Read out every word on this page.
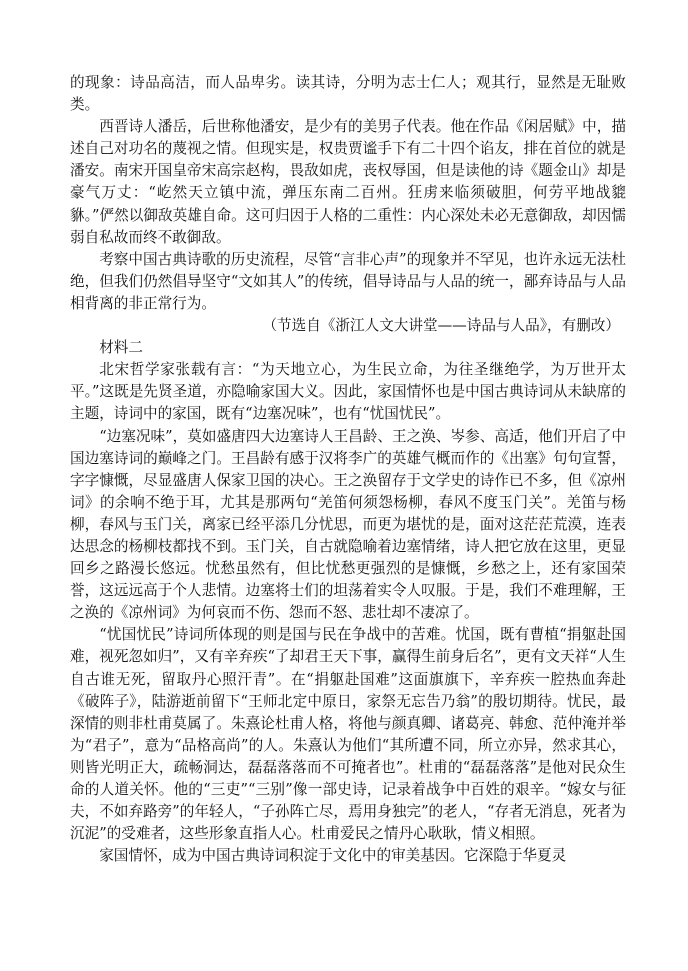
的现象：诗品高洁，而人品卑劣。读其诗，分明为志士仁人；观其行，显然是无耻败类。

西晋诗人潘岳，后世称他潘安，是少有的美男子代表。他在作品《闲居赋》中，描述自己对功名的蔑视之情。但现实是，权贵贾谧手下有二十四个谄友，排在首位的就是潘安。南宋开国皇帝宋高宗赵构，畏敌如虎，丧权辱国，但是读他的诗《题金山》却是豪气万丈：“屹然天立镇中流，弹压东南二百州。狂虏来临须破胆，何劳平地战貔貅。”俨然以御敌英雄自命。这可归因于人格的二重性：内心深处未必无意御敌，却因懦弱自私故而终不敢御敌。

考察中国古典诗歌的历史流程，尽管“言非心声”的现象并不罕见，也许永远无法杜绝，但我们仍然倡导坚守“文如其人”的传统，倡导诗品与人品的统一，鄙弃诗品与人品相背离的非正常行为。

（节选自《浙江人文大讲堂——诗品与人品》，有删改）

材料二

北宋哲学家张载有言：“为天地立心，为生民立命，为往圣继绝学，为万世开太平。”这既是先贤圣道，亦隐喻家国大义。因此，家国情怀也是中国古典诗词从未缺席的主题，诗词中的家国，既有“边塞况味”，也有“忧国忧民”。

“边塞况味”，莫如盛唐四大边塞诗人王昌龄、王之涣、岑参、高适，他们开启了中国边塞诗词的巅峰之门。王昌龄有感于汉将李广的英雄气概而作的《出塞》句句宣誓，字字慷慨，尽显盛唐人保家卫国的决心。王之涣留存于文学史的诗作已不多，但《凉州词》的余响不绝于耳，尤其是那两句“羌笛何须怨杨柳，春风不度玉门关”。羌笛与杨柳，春风与玉门关，离家已经平添几分忧思，而更为堪忧的是，面对这茫茫荒漠，连表达思念的杨柳枝都找不到。玉门关，自古就隐喻着边塞情绪，诗人把它放在这里，更显回乡之路漫长悠远。忧愁虽然有，但比忧愁更强烈的是慷慨，乡愁之上，还有家国荣誉，这远远高于个人悲情。边塞将士们的坦荡着实令人叹服。于是，我们不难理解，王之涣的《凉州词》为何哀而不伤、怨而不怒、悲壮却不凄凉了。

“忧国忧民”诗词所体现的则是国与民在争战中的苦难。忧国，既有曹植“捐躯赴国难，视死忽如归”，又有辛弃疾“了却君王天下事，赢得生前身后名”，更有文天祥“人生自古谁无死，留取丹心照汗青”。在“捐躯赴国难”这面旗旗下，辛弃疾一腔热血奔赴《破阵子》，陆游逝前留下“王师北定中原日，家祭无忘告乃翁”的殷切期待。忧民，最深情的则非杜甫莫属了。朱熹论杜甫人格，将他与颜真卿、诸葛亮、韩愈、范仲淹并举为“君子”，意为“品格高尚”的人。朱熹认为他们“其所遭不同，所立亦异，然求其心，则皆光明正大，疏畅洞达，磊磊落落而不可掩者也”。杜甫的“磊磊落落”是他对民众生命的人道关怀。他的“三吏”“三别”像一部史诗，记录着战争中百姓的艰辛。“嫁女与征夫，不如弃路旁”的年轻人，“子孙阵亡尽，焉用身独完”的老人，“存者无消息，死者为沉泥”的受难者，这些形象直指人心。杜甫爱民之情丹心耿耿，情义相照。

家国情怀，成为中国古典诗词积淀于文化中的审美基因。它深隐于华夏灵
